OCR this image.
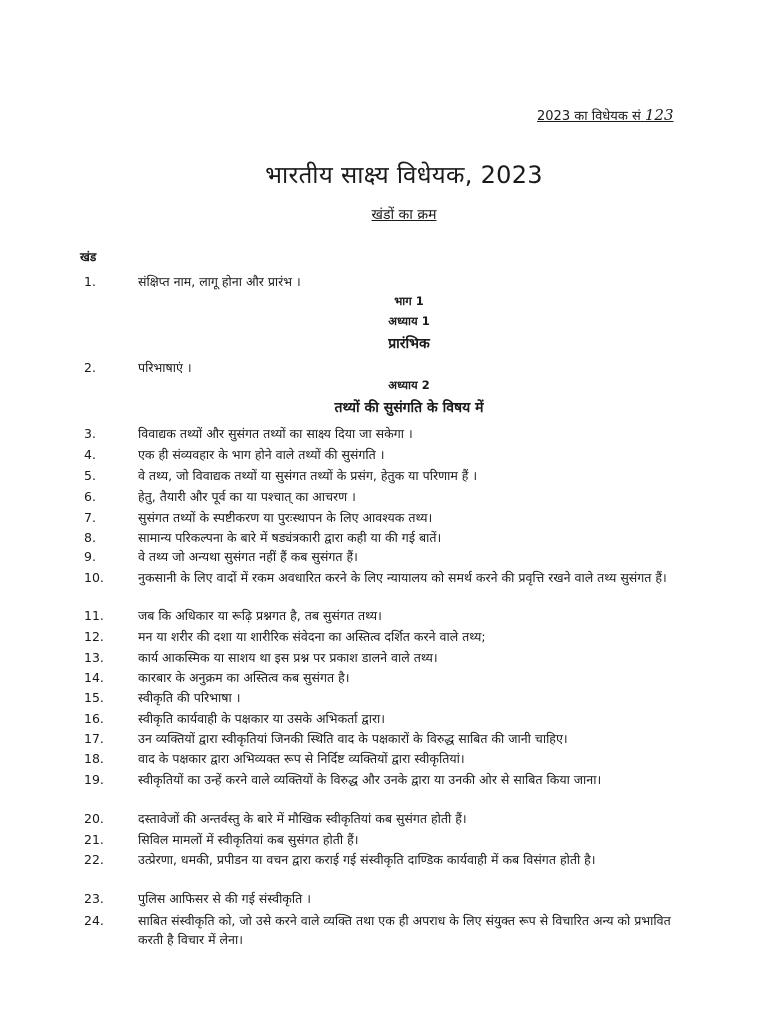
2023 का विधेयक सं 123
भारतीय साक्ष्य विधेयक, 2023
खंडों का क्रम
खंड
1.	संक्षिप्त नाम, लागू होना और प्रारंभ ।
भाग 1
अध्याय 1
प्रारंभिक
2.	परिभाषाएं ।
अध्याय 2
तथ्यों की सुसंगति के विषय में
3.	विवाद्यक तथ्यों और सुसंगत तथ्यों का साक्ष्य दिया जा सकेगा ।
4.	एक ही संव्यवहार के भाग होने वाले तथ्यों की सुसंगति ।
5.	वे तथ्य, जो विवाद्यक तथ्यों या सुसंगत तथ्यों के प्रसंग, हेतुक या परिणाम हैं ।
6.	हेतु, तैयारी और पूर्व का या पश्चात् का आचरण ।
7.	सुसंगत तथ्यों के स्पष्टीकरण या पुरःस्थापन के लिए आवश्यक तथ्य।
8.	सामान्य परिकल्पना के बारे में षड्यंत्रकारी द्वारा कही या की गई बातें।
9.	वे तथ्य जो अन्यथा सुसंगत नहीं हैं कब सुसंगत हैं।
10.	नुकसानी के लिए वादों में रकम अवधारित करने के लिए न्यायालय को समर्थ करने की प्रवृत्ति रखने वाले तथ्य सुसंगत हैं।
11.	जब कि अधिकार या रूढ़ि प्रश्नगत है, तब सुसंगत तथ्य।
12.	मन या शरीर की दशा या शारीरिक संवेदना का अस्तित्व दर्शित करने वाले तथ्य;
13.	कार्य आकस्मिक या साशय था इस प्रश्न पर प्रकाश डालने वाले तथ्य।
14.	कारबार के अनुक्रम का अस्तित्व कब सुसंगत है।
15.	स्वीकृति की परिभाषा ।
16.	स्वीकृति कार्यवाही के पक्षकार या उसके अभिकर्ता द्वारा।
17.	उन व्यक्तियों द्वारा स्वीकृतियां जिनकी स्थिति वाद के पक्षकारों के विरुद्ध साबित की जानी चाहिए।
18.	वाद के पक्षकार द्वारा अभिव्यक्त रूप से निर्दिष्ट व्यक्तियों द्वारा स्वीकृतियां।
19.	स्वीकृतियों का उन्हें करने वाले व्यक्तियों के विरुद्ध और उनके द्वारा या उनकी ओर से साबित किया जाना।
20.	दस्तावेजों की अन्तर्वस्तु के बारे में मौखिक स्वीकृतियां कब सुसंगत होती हैं।
21.	सिविल मामलों में स्वीकृतियां कब सुसंगत होती हैं।
22.	उत्प्रेरणा, धमकी, प्रपीडन या वचन द्वारा कराई गई संस्वीकृति दाण्डिक कार्यवाही में कब विसंगत होती है।
23.	पुलिस आफिसर से की गई संस्वीकृति ।
24.	साबित संस्वीकृति को, जो उसे करने वाले व्यक्ति तथा एक ही अपराध के लिए संयुक्त रूप से विचारित अन्य को प्रभावित करती है विचार में लेना।
